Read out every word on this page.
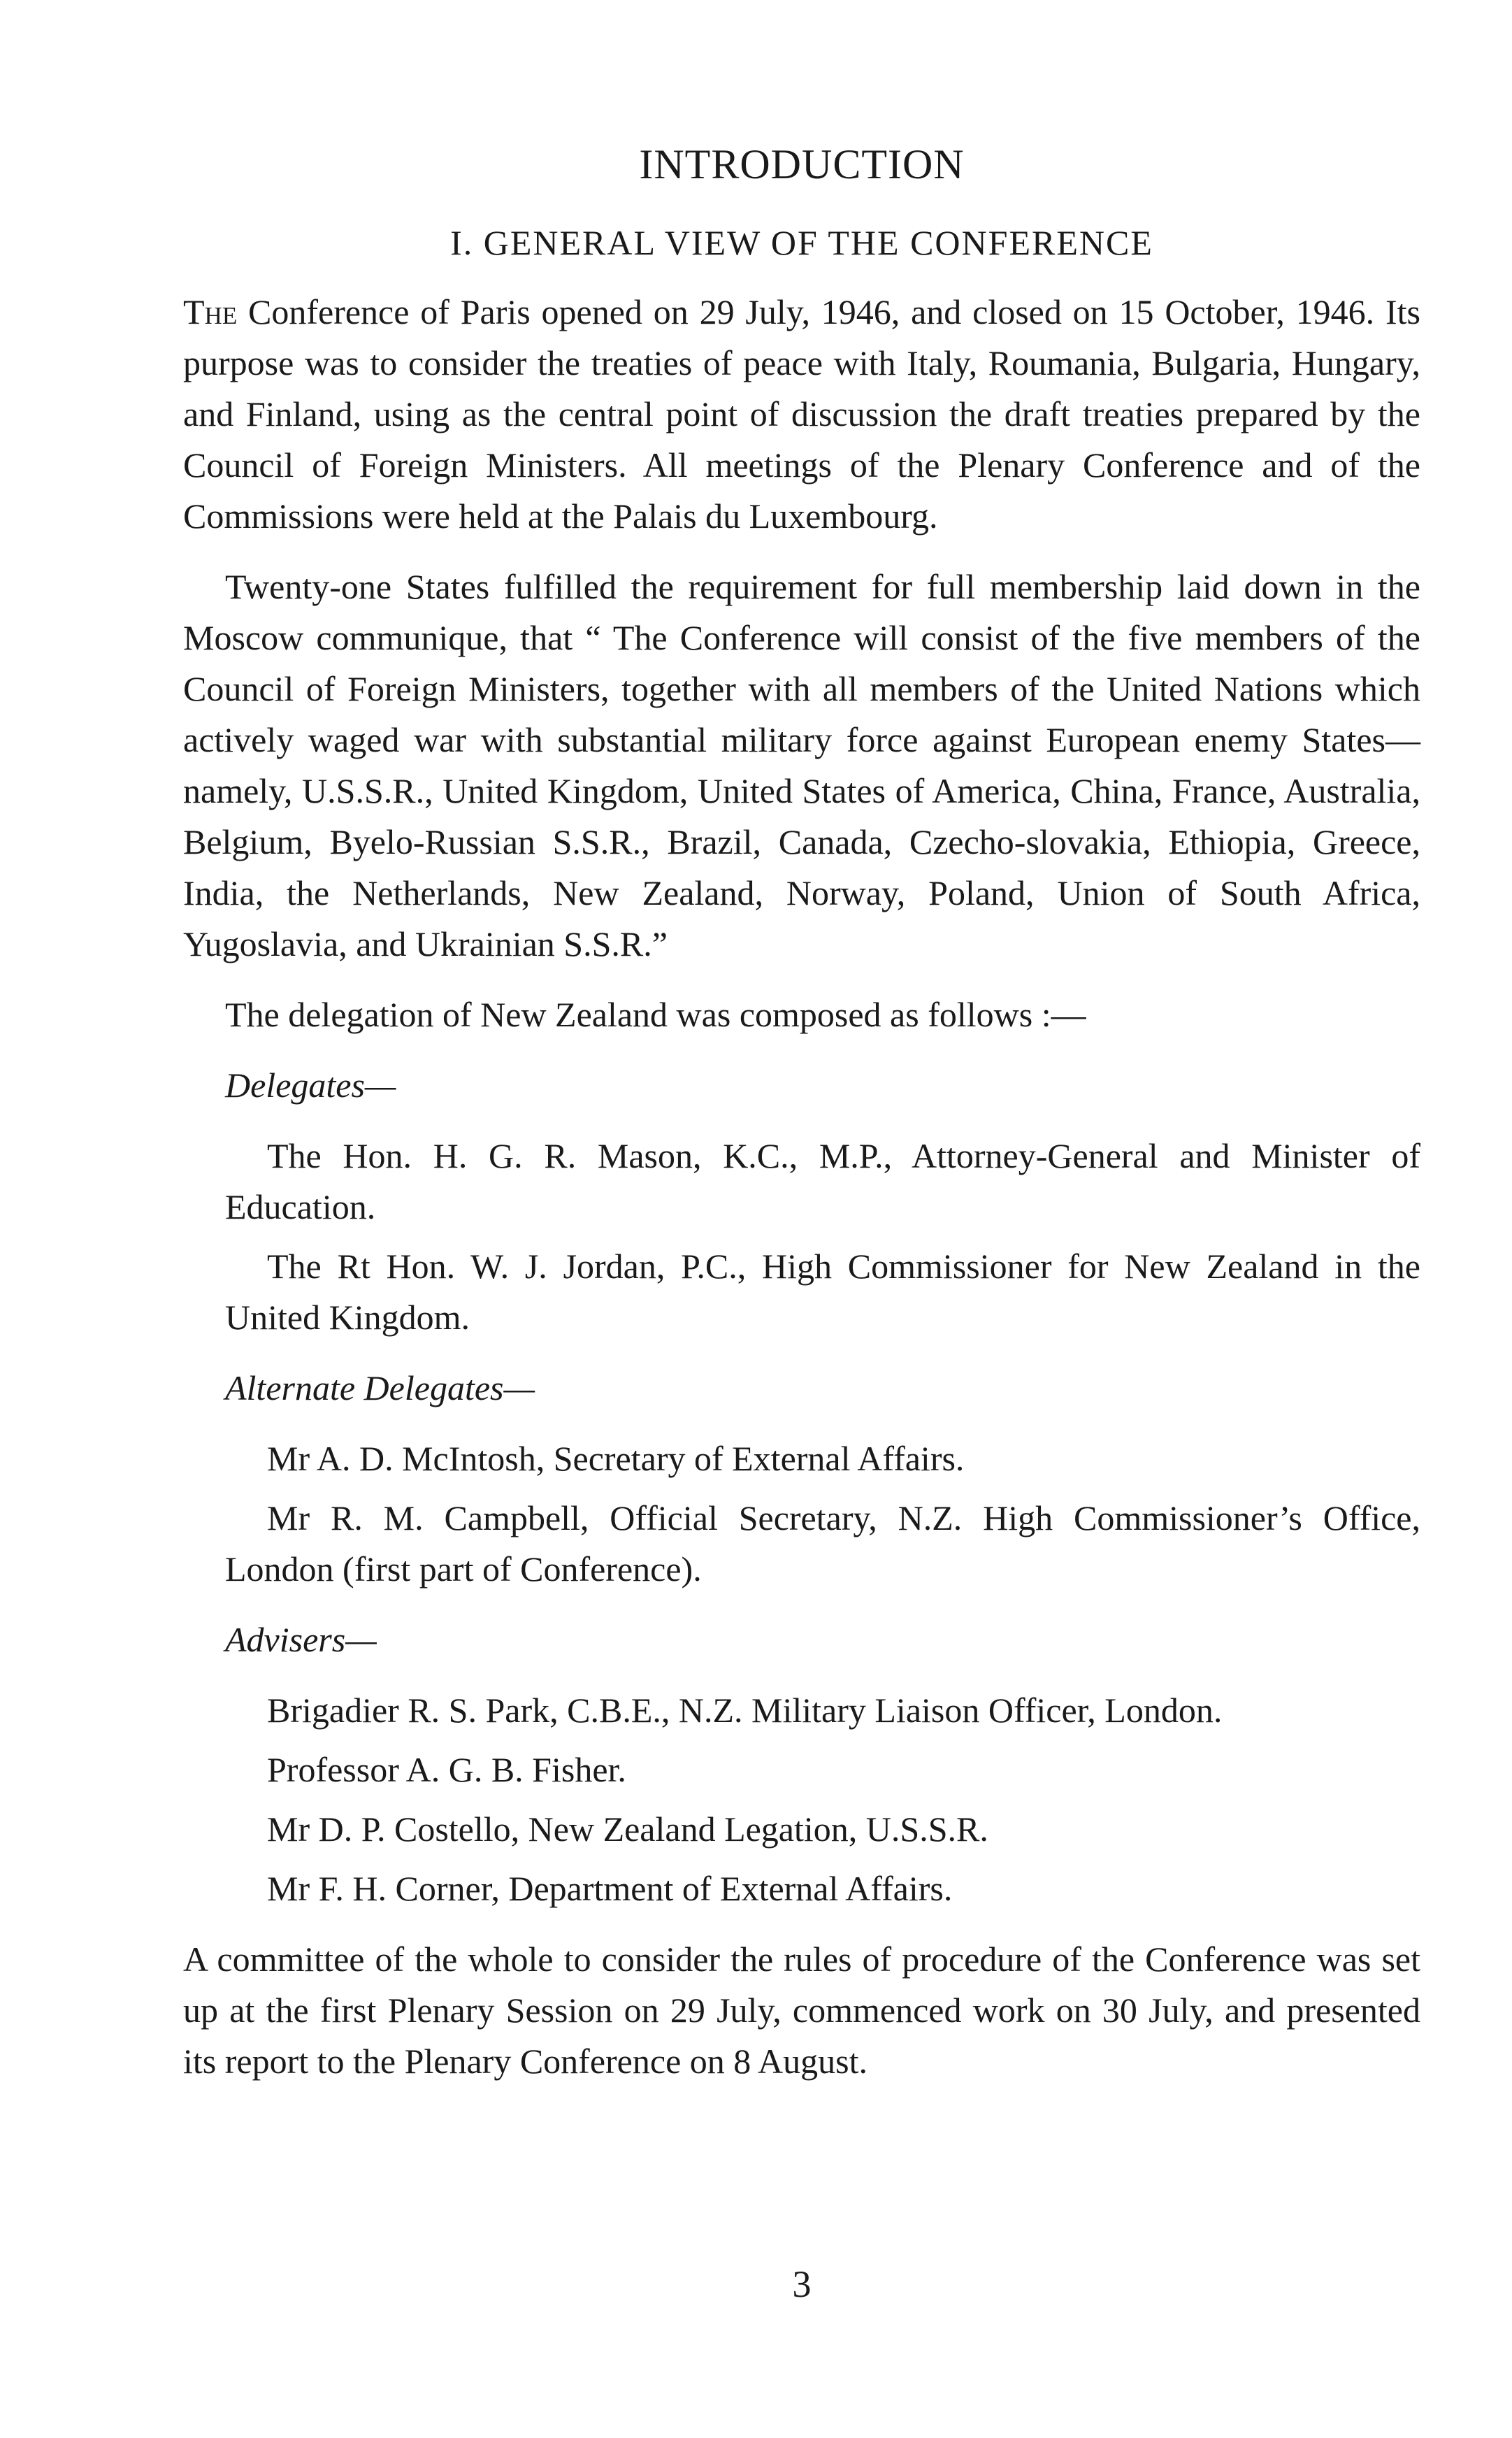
INTRODUCTION
I. GENERAL VIEW OF THE CONFERENCE

The Conference of Paris opened on 29 July, 1946, and closed on 15 October, 1946. Its purpose was to consider the treaties of peace with Italy, Roumania, Bulgaria, Hungary, and Finland, using as the central point of discussion the draft treaties prepared by the Council of Foreign Ministers. All meetings of the Plenary Conference and of the Commissions were held at the Palais du Luxembourg.

Twenty-one States fulfilled the requirement for full membership laid down in the Moscow communique, that “ The Conference will consist of the five members of the Council of Foreign Ministers, together with all members of the United Nations which actively waged war with substantial military force against European enemy States—namely, U.S.S.R., United Kingdom, United States of America, China, France, Australia, Belgium, Byelo-Russian S.S.R., Brazil, Canada, Czecho-slovakia, Ethiopia, Greece, India, the Netherlands, New Zealand, Norway, Poland, Union of South Africa, Yugoslavia, and Ukrainian S.S.R.”

The delegation of New Zealand was composed as follows :—

Delegates—

The Hon. H. G. R. Mason, K.C., M.P., Attorney-General and Minister of Education.

The Rt Hon. W. J. Jordan, P.C., High Commissioner for New Zealand in the United Kingdom.

Alternate Delegates—

Mr A. D. McIntosh, Secretary of External Affairs.

Mr R. M. Campbell, Official Secretary, N.Z. High Commissioner’s Office, London (first part of Conference).

Advisers—

Brigadier R. S. Park, C.B.E., N.Z. Military Liaison Officer, London.

Professor A. G. B. Fisher.

Mr D. P. Costello, New Zealand Legation, U.S.S.R.

Mr F. H. Corner, Department of External Affairs.

A committee of the whole to consider the rules of procedure of the Conference was set up at the first Plenary Session on 29 July, commenced work on 30 July, and presented its report to the Plenary Conference on 8 August.

3
